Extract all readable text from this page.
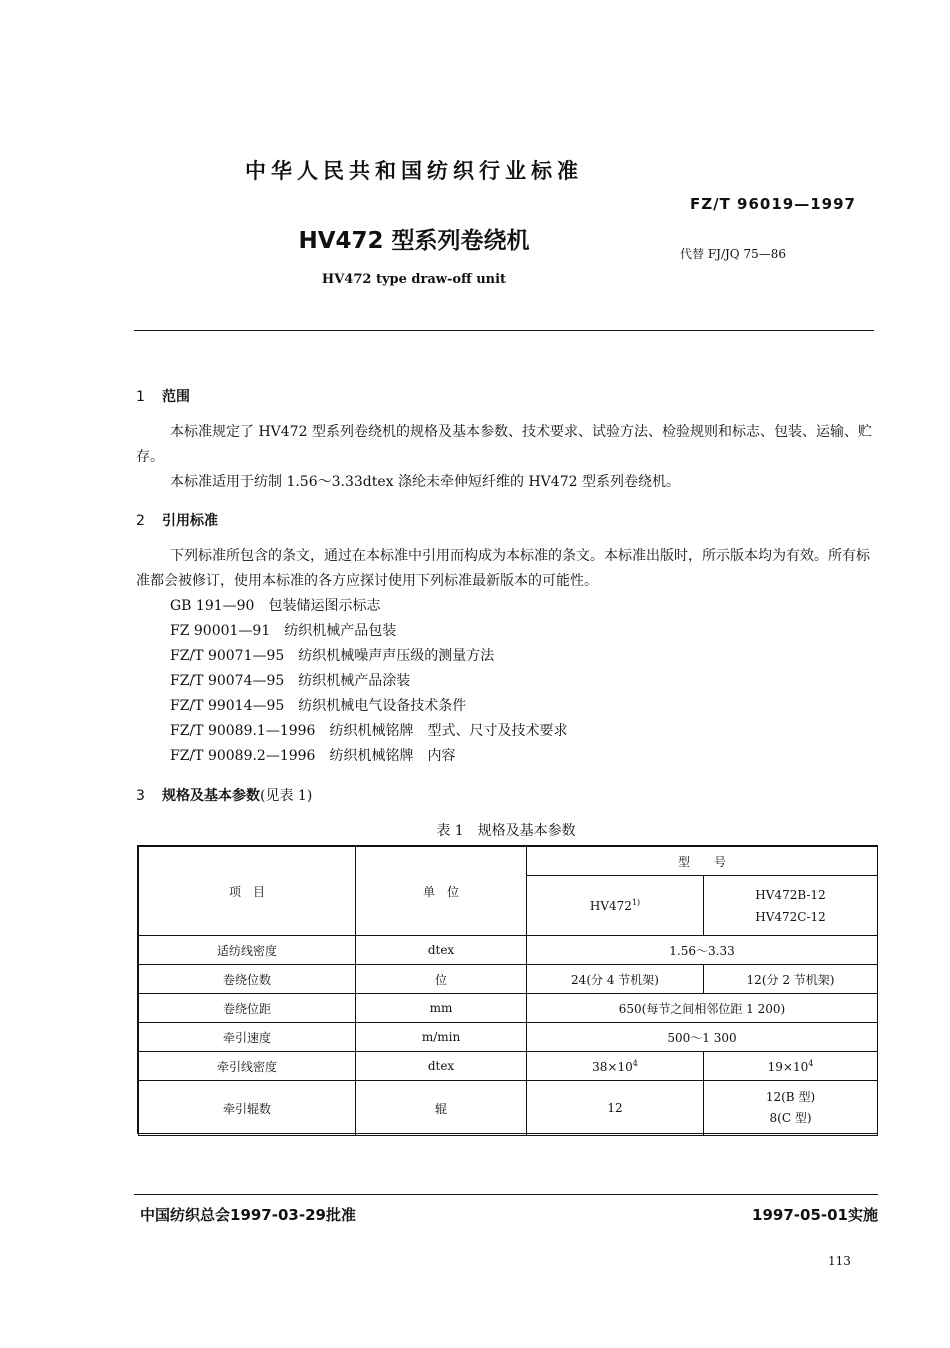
中华人民共和国纺织行业标准
FZ/T 96019—1997
HV472 型系列卷绕机	代替 FJ/JQ 75—86
HV472 type draw-off unit
1 范围
本标准规定了 HV472 型系列卷绕机的规格及基本参数、技术要求、试验方法、检验规则和标志、包装、运输、贮存。
本标准适用于纺制 1.56～3.33dtex 涤纶未牵伸短纤维的 HV472 型系列卷绕机。
2 引用标准
下列标准所包含的条文，通过在本标准中引用而构成为本标准的条文。本标准出版时，所示版本均为有效。所有标准都会被修订，使用本标准的各方应探讨使用下列标准最新版本的可能性。
GB 191—90　包装储运图示标志
FZ 90001—91　纺织机械产品包装
FZ/T 90071—95　纺织机械噪声声压级的测量方法
FZ/T 90074—95　纺织机械产品涂装
FZ/T 99014—95　纺织机械电气设备技术条件
FZ/T 90089.1—1996　纺织机械铭牌　型式、尺寸及技术要求
FZ/T 90089.2—1996　纺织机械铭牌　内容
3 规格及基本参数(见表 1)
表 1　规格及基本参数
项　目	单　位	型　　号	
		HV472$^{1)}$	HV472B-12
HV472C-12

适纺线密度	dtex	1.56～3.33	
卷绕位数	位	24(分 4 节机架)	12(分 2 节机架)
卷绕位距	mm	650(每节之间相邻位距 1 200)	
牵引速度	m/min	500～1 300	
牵引线密度	dtex	$38\times 10^4$	$19\times 10^4$
牵引辊数	辊	12	12(B 型)
8(C 型)
中国纺织总会1997-03-29批准	1997-05-01实施
113
